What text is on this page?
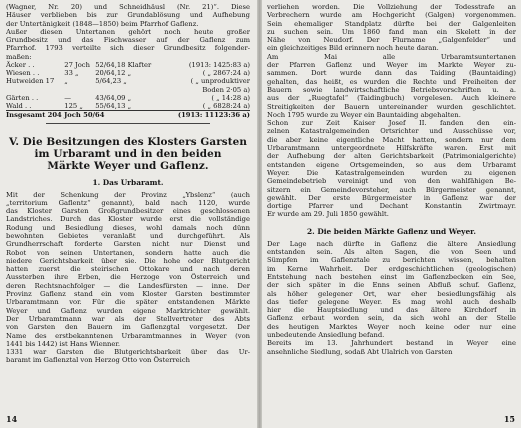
(Wagner, Nr. 20) und Schneidhäusl (Nr. 21)“. Diese
Häuser verblieben bis zur Grundablösung und Aufhebung
der Untertänigkeit (1848—1850) beim Pfarrhof Gaflenz.
Außer diesen Untertanen gehört noch heute großer
Grundbesitz und das Fischwasser auf der Gaflenz zum
Pfarrhof. 1793 verteilte sich dieser Grundbesitz folgender-
maßen:
Äcker . .	27 Joch	52/64,18 Klafter	(1913: 1425:83 a)
Wiesen . .	33 „	20/64,12 „	( „ 2867:24 a)
Hutweiden 17	„	5/64,23 „	( „ unproduktiver
			Boden 2·05 a)
Gärten . .	—	43/64,09 „	( „ 14:28 a)
Wald . .	125 „	55/64,13 „	( „ 6828:24 a)
Insgesamt 204 Joch 50/64			(1913: 11123:36 a)
V. Die Besitzungen des Klosters Garsten
im Urbaramt und in den beiden
Märkte Weyer und Gaflenz.
1. Das Urbaramt.
Mit der Schenkung der Provinz „Ybslenz“ (auch
„territorium Gaflentz“ genannt), bald nach 1120, wurde
das Kloster Garsten Großgrundbesitzer eines geschlossenen
Landstriches. Durch das Kloster wurde erst die vollständige
Rodung und Besiedlung dieses, wohl damals noch dünn
bewohnten Gebietes veranlaßt und durchgeführt. Als
Grundherrschaft forderte Garsten nicht nur Dienst und
Robot von seinen Untertanen, sondern hatte auch die
niedere Gerichtsbarkeit über sie. Die hohe oder Blutgericht
hatten zuerst die steirischen Ottokare und nach deren
Aussterben ihre Erben, die Herzoge von Österreich und
deren Rechtsnachfolger — die Landesfürsten — inne. Der
Provinz Gaflenz stand ein vom Kloster Garsten bestimmter
Urbaramtmann vor. Für die später entstandenen Märkte
Weyer und Gaflenz wurden eigene Marktrichter gewählt.
Der Urbaramtmann war als der Stellvertreter des Abts
von Garsten den Bauern im Gaflenzgtal vorgesetzt. Der
Name des erstbekanntenen Urbaramtmannes in Weyer (von
1441 bis 1442) ist Hans Wienner.
1331 war Garsten die Blutgerichtsbarkeit über das Ur-
baramt im Gaflenztal von Herzog Otto von Österreich
14
verliehen worden. Die Vollziehung der Todesstrafe an
Verbrechern wurde am Hochgericht (Galgen) vorgenommen.
Sein ehemaliger Standplatz dürfte bei der Galgenleiten
zu suchen sein. Um 1860 fand man ein Skelett in der
Nähe von Neudorf. Der Flurname „Galgenfelder“ und
ein gleichzeitiges Bild erinnern noch heute daran.
Am Mai alle Urbaramtsuntertanen
der Pfarren Gaflenz und Weyer im Markte Weyer zu-
sammen. Dort wurde dann das Taiding (Bauntaiding)
gehalten, das heißt, es wurden die Rechte und Freiheiten der
Bauern sowie landwirtschaftliche Betriebsvorschriften u. a.
aus der „Ruegtafel“ (Taidingbuch) vorgelesen. Auch kleinere
Streitigkeiten der Bauern untereinander wurden geschlichtet.
Noch 1795 wurde zu Weyer ein Bauntaiding abgehalten.
Schon zur Zeit Kaiser Josef II. fanden den ein-
zelnen Katastralgemeinden Ortsrichter und Ausschüsse vor,
die aber keine eigentliche Macht hatten, sondern nur dem
Urbaramtmann untergeordnete Hilfskräfte waren. Erst mit
der Aufhebung der alten Gerichtsbarkeit (Patrimonialgerichte)
entstanden eigene Ortsgemeinden, so aus dem Urbaramt
Weyer. Die Katastralgemeinden wurden zu eigenen
Gemeindebetrieb vereinigt und von den wahlfähigen Be-
sitzern ein Gemeindevorsteher, auch Bürgermeister genannt,
gewählt. Der erste Bürgermeister in Gaflenz war der
dortige Pfarrer und Dechant Konstantin Zwirtmayr.
Er wurde am 29. Juli 1850 gewählt.
2. Die beiden Märkte Gaflenz und Weyer.
Der Lage nach dürfte in Gaflenz die ältere Ansiedlung
entstanden sein. Als alten Sagen, die von Seen und
Sümpfen im Gaflenztale zu berichten wissen, behalten
im Kerne Wahrheit. Der erdgeschichtlichen (geologischen)
Entstehung nach bestehen einst im Gaflenzbecken ein See,
der sich später in die Enns seinen Abfluß schuf. Gaflenz,
als höher gelegener Ort, war eher besiedlungsfähig als
das tiefer gelegene Weyer. Es mag wohl auch deshalb
hier die Hauptsiedlung und das ältere Kirchdorf in
Gaflenz erbaut worden sein, da sich wohl an der Stelle
des heutigen Marktes Weyer noch keine oder nur eine
unbedeutende Ansiedlung befand.
Bereits im 13. Jahrhundert bestand in Weyer eine
ansehnliche Siedlung, sodaß Abt Ulalrich von Garsten
15
